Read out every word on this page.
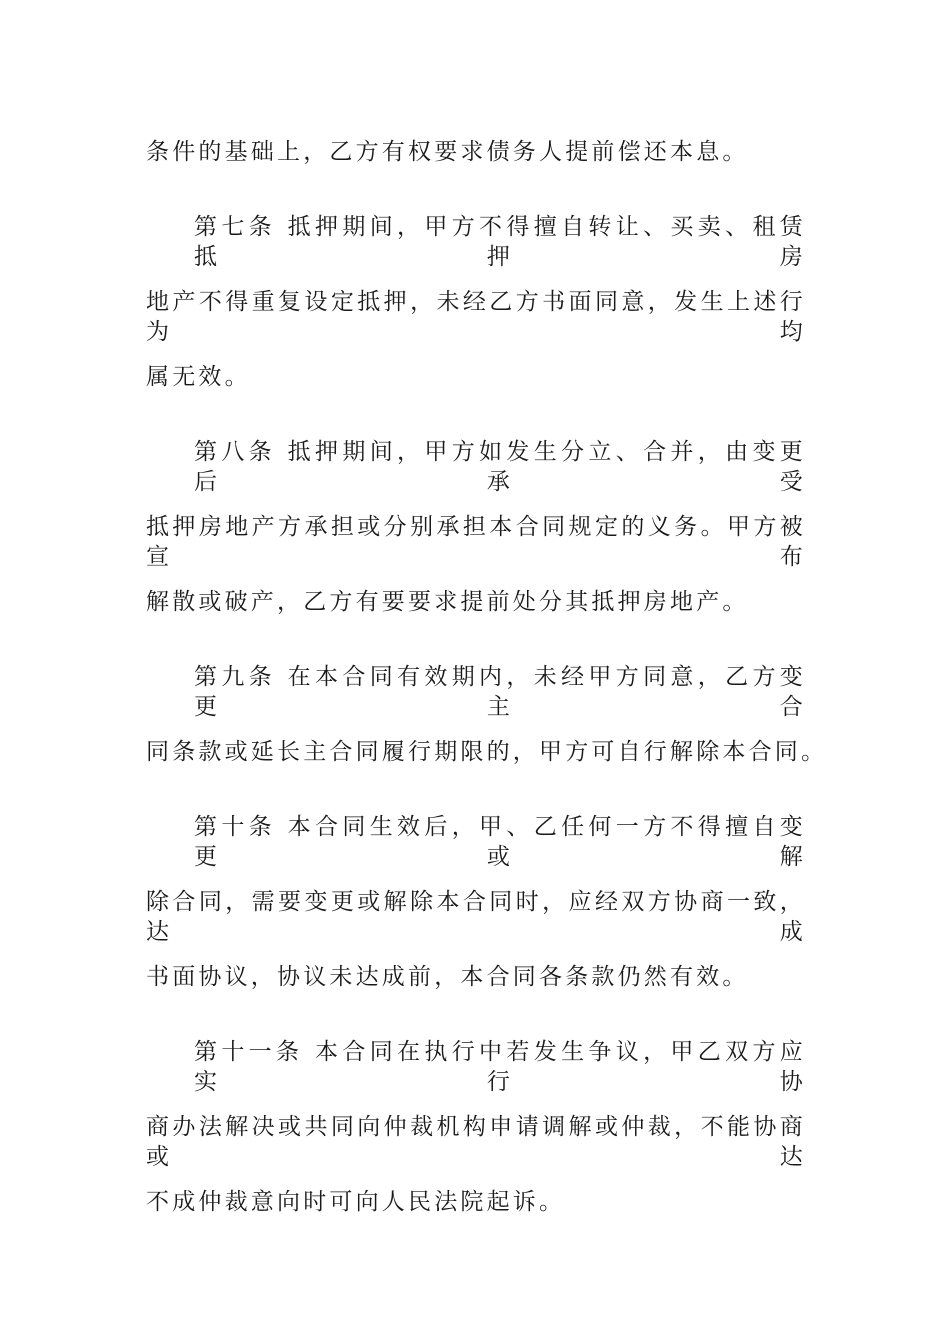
条件的基础上，乙方有权要求债务人提前偿还本息。
第七条 抵押期间，甲方不得擅自转让、买卖、租赁抵押房
地产不得重复设定抵押，未经乙方书面同意，发生上述行为均
属无效。
第八条 抵押期间，甲方如发生分立、合并，由变更后承受
抵押房地产方承担或分别承担本合同规定的义务。甲方被宣布
解散或破产，乙方有要要求提前处分其抵押房地产。
第九条 在本合同有效期内，未经甲方同意，乙方变更主合
同条款或延长主合同履行期限的，甲方可自行解除本合同。
第十条 本合同生效后，甲、乙任何一方不得擅自变更或解
除合同，需要变更或解除本合同时，应经双方协商一致，达成
书面协议，协议未达成前，本合同各条款仍然有效。
第十一条 本合同在执行中若发生争议，甲乙双方应实行协
商办法解决或共同向仲裁机构申请调解或仲裁，不能协商或达
不成仲裁意向时可向人民法院起诉。
